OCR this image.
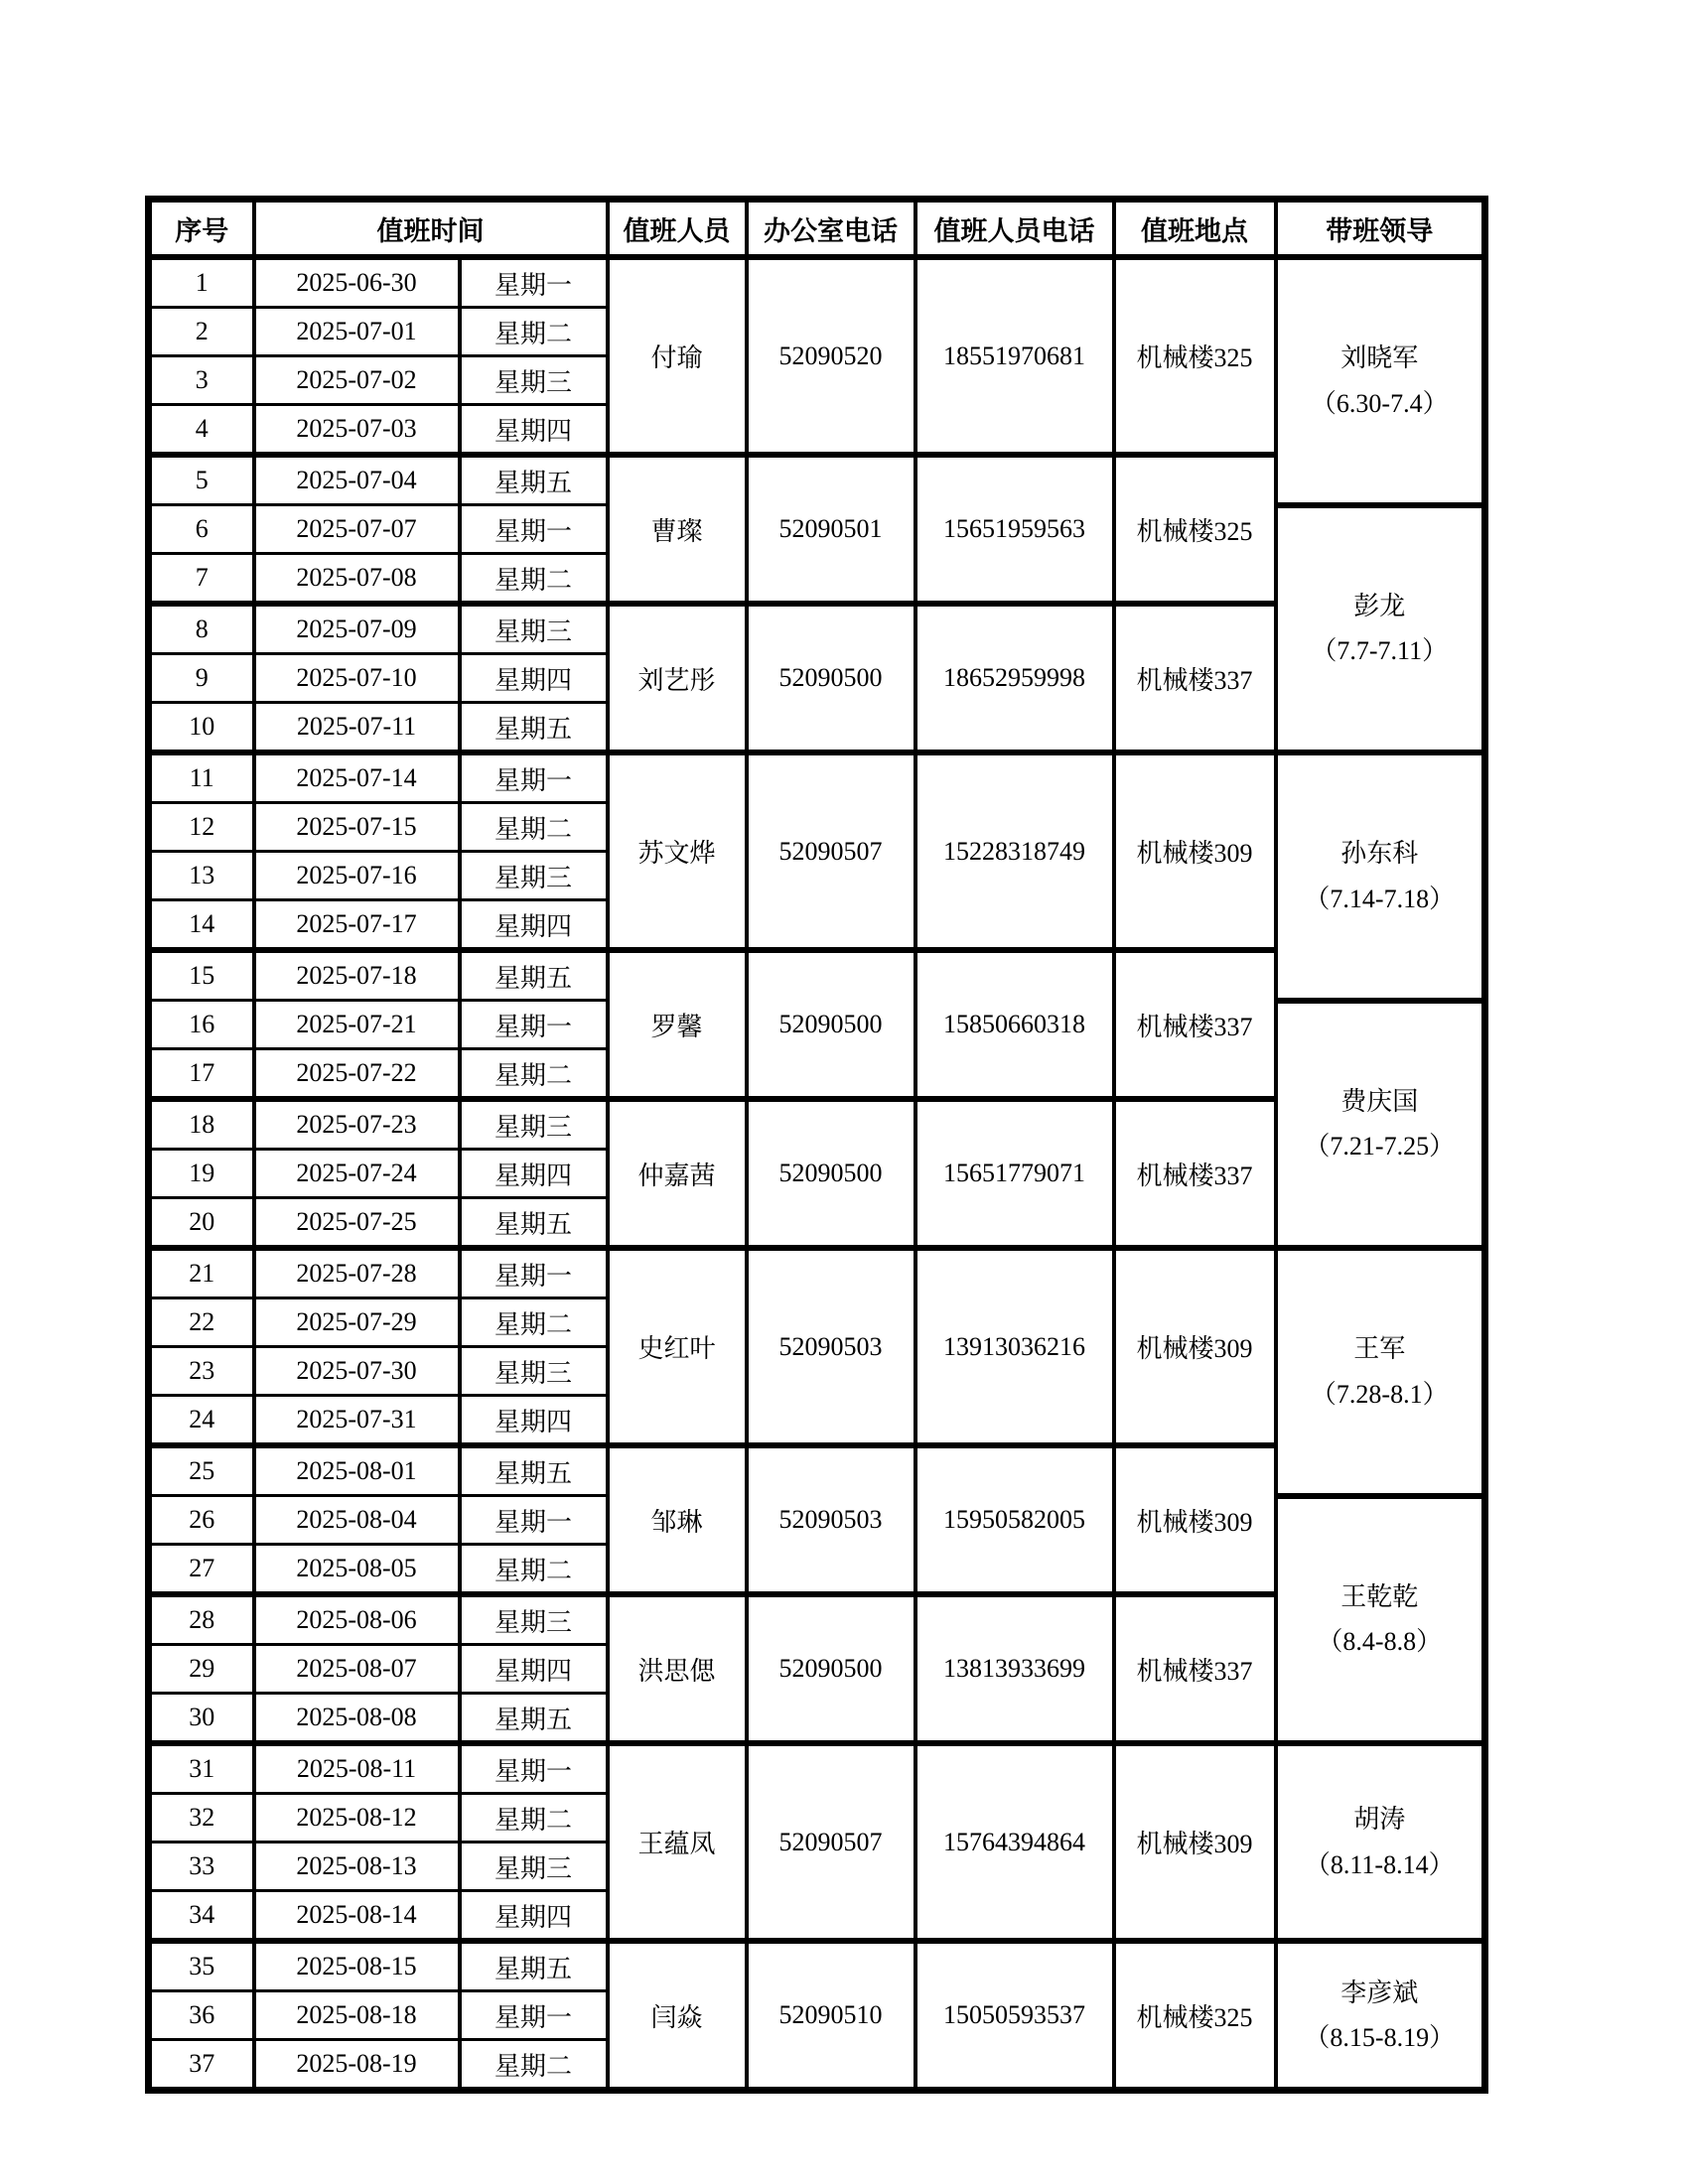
序号	值班时间		值班人员	办公室电话	值班人员电话	值班地点	带班领导
1	2025-06-30	星期一	付瑜	52090520	18551970681	机械楼325	刘晓军
（6.30-7.4）

2	2025-07-01	星期二					
3	2025-07-02	星期三					
4	2025-07-03	星期四					
5	2025-07-04	星期五	曹璨	52090501	15651959563	机械楼325	
6	2025-07-07	星期一					彭龙
（7.7-7.11）

7	2025-07-08	星期二					
8	2025-07-09	星期三	刘艺彤	52090500	18652959998	机械楼337	
9	2025-07-10	星期四					
10	2025-07-11	星期五					
11	2025-07-14	星期一	苏文烨	52090507	15228318749	机械楼309	孙东科
（7.14-7.18）

12	2025-07-15	星期二					
13	2025-07-16	星期三					
14	2025-07-17	星期四					
15	2025-07-18	星期五	罗馨	52090500	15850660318	机械楼337	
16	2025-07-21	星期一					费庆国
（7.21-7.25）

17	2025-07-22	星期二					
18	2025-07-23	星期三	仲嘉茜	52090500	15651779071	机械楼337	
19	2025-07-24	星期四					
20	2025-07-25	星期五					
21	2025-07-28	星期一	史红叶	52090503	13913036216	机械楼309	王军
（7.28-8.1）

22	2025-07-29	星期二					
23	2025-07-30	星期三					
24	2025-07-31	星期四					
25	2025-08-01	星期五	邹琳	52090503	15950582005	机械楼309	
26	2025-08-04	星期一					王乾乾
（8.4-8.8）

27	2025-08-05	星期二					
28	2025-08-06	星期三	洪思偲	52090500	13813933699	机械楼337	
29	2025-08-07	星期四					
30	2025-08-08	星期五					
31	2025-08-11	星期一	王蕴凤	52090507	15764394864	机械楼309	胡涛
（8.11-8.14）

32	2025-08-12	星期二					
33	2025-08-13	星期三					
34	2025-08-14	星期四					
35	2025-08-15	星期五	闫焱	52090510	15050593537	机械楼325	李彦斌
（8.15-8.19）

36	2025-08-18	星期一					
37	2025-08-19	星期二					
